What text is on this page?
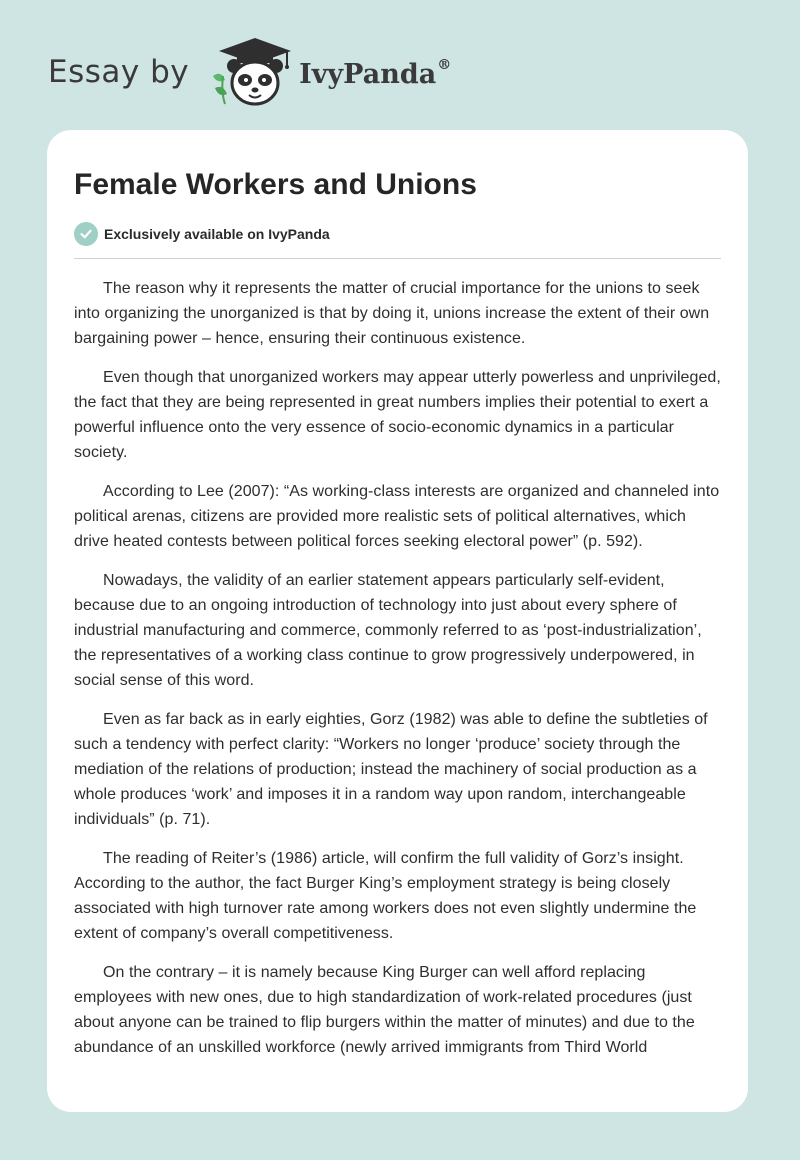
Essay by	IvyPanda®
Female Workers and Unions
Exclusively available on IvyPanda

The reason why it represents the matter of crucial importance for the unions to seek into organizing the unorganized is that by doing it, unions increase the extent of their own bargaining power – hence, ensuring their continuous existence.

Even though that unorganized workers may appear utterly powerless and unprivileged, the fact that they are being represented in great numbers implies their potential to exert a powerful influence onto the very essence of socio-economic dynamics in a particular society.

According to Lee (2007): “As working-class interests are organized and channeled into political arenas, citizens are provided more realistic sets of political alternatives, which drive heated contests between political forces seeking electoral power” (p. 592).

Nowadays, the validity of an earlier statement appears particularly self-evident, because due to an ongoing introduction of technology into just about every sphere of industrial manufacturing and commerce, commonly referred to as ‘post-industrialization’, the representatives of a working class continue to grow progressively underpowered, in social sense of this word.

Even as far back as in early eighties, Gorz (1982) was able to define the subtleties of such a tendency with perfect clarity: “Workers no longer ‘produce’ society through the mediation of the relations of production; instead the machinery of social production as a whole produces ‘work’ and imposes it in a random way upon random, interchangeable individuals” (p. 71).

The reading of Reiter’s (1986) article, will confirm the full validity of Gorz’s insight. According to the author, the fact Burger King’s employment strategy is being closely associated with high turnover rate among workers does not even slightly undermine the extent of company’s overall competitiveness.

On the contrary – it is namely because King Burger can well afford replacing employees with new ones, due to high standardization of work-related procedures (just about anyone can be trained to flip burgers within the matter of minutes) and due to the abundance of an unskilled workforce (newly arrived immigrants from Third World
